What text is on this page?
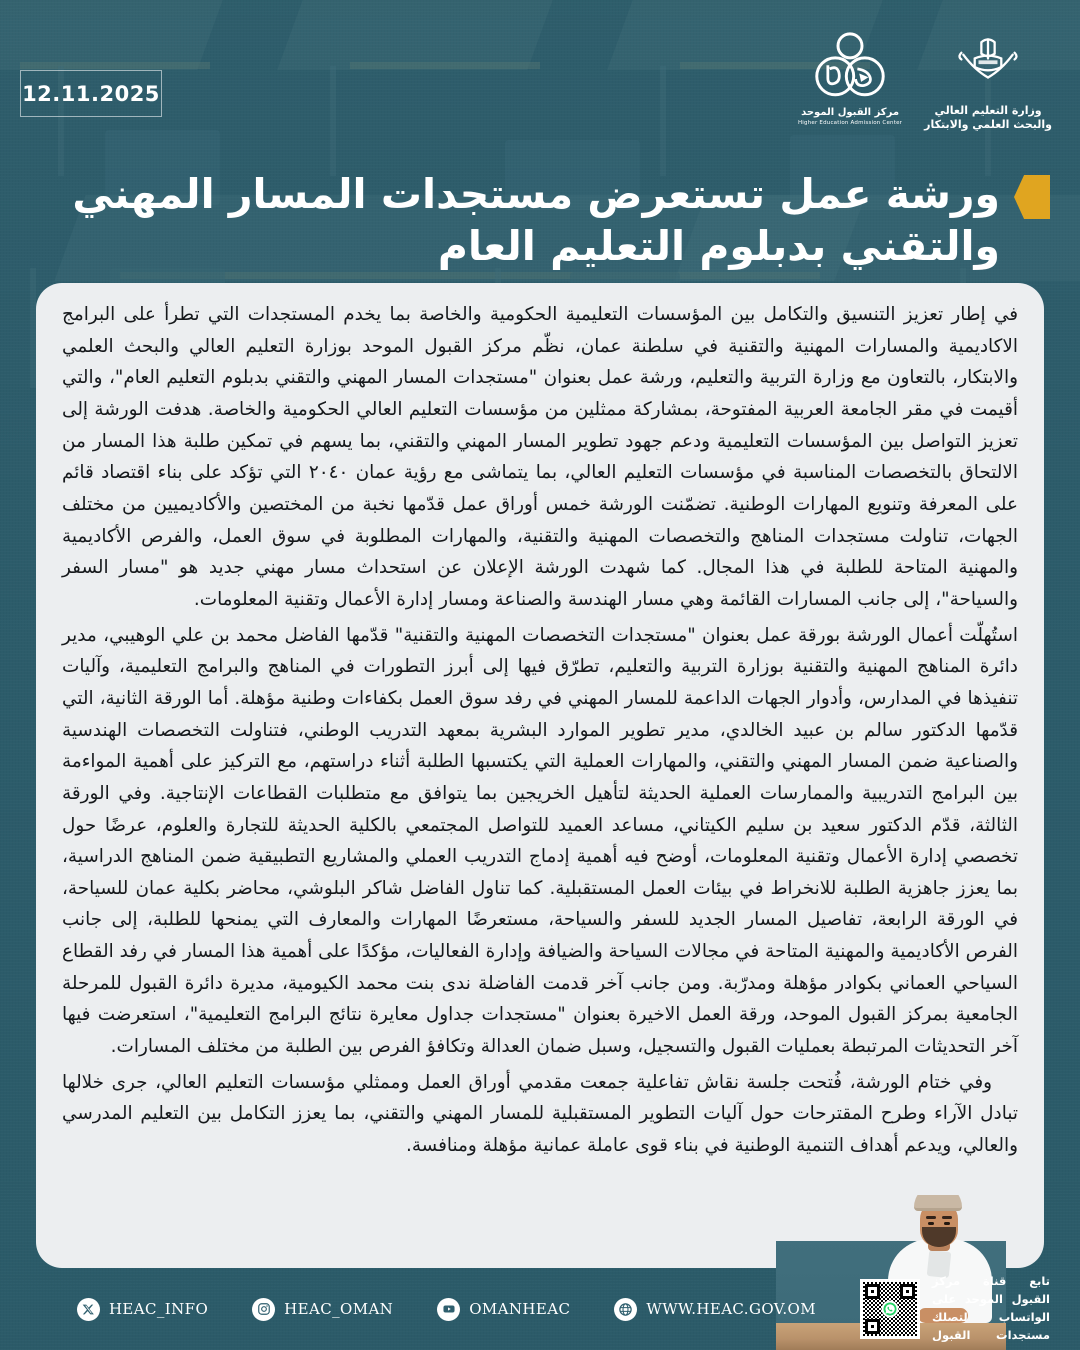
12.11.2025
مركز القبول الموحد
Higher Education Admission Center
وزارة التعليم العالي
والبحث العلمي والابتكار
ورشة عمل تستعرض مستجدات المسار المهني والتقني بدبلوم التعليم العام

في إطار تعزيز التنسيق والتكامل بين المؤسسات التعليمية الحكومية والخاصة بما يخدم المستجدات التي تطرأ على البرامج الاكاديمية والمسارات المهنية والتقنية في سلطنة عمان، نظّم مركز القبول الموحد بوزارة التعليم العالي والبحث العلمي والابتكار، بالتعاون مع وزارة التربية والتعليم، ورشة عمل بعنوان "مستجدات المسار المهني والتقني بدبلوم التعليم العام"، والتي أقيمت في مقر الجامعة العربية المفتوحة، بمشاركة ممثلين من مؤسسات التعليم العالي الحكومية والخاصة. هدفت الورشة إلى تعزيز التواصل بين المؤسسات التعليمية ودعم جهود تطوير المسار المهني والتقني، بما يسهم في تمكين طلبة هذا المسار من الالتحاق بالتخصصات المناسبة في مؤسسات التعليم العالي، بما يتماشى مع رؤية عمان ٢٠٤٠ التي تؤكد على بناء اقتصاد قائم على المعرفة وتنويع المهارات الوطنية. تضمّنت الورشة خمس أوراق عمل قدّمها نخبة من المختصين والأكاديميين من مختلف الجهات، تناولت مستجدات المناهج والتخصصات المهنية والتقنية، والمهارات المطلوبة في سوق العمل، والفرص الأكاديمية والمهنية المتاحة للطلبة في هذا المجال. كما شهدت الورشة الإعلان عن استحداث مسار مهني جديد هو "مسار السفر والسياحة"، إلى جانب المسارات القائمة وهي مسار الهندسة والصناعة ومسار إدارة الأعمال وتقنية المعلومات.

استُهلّت أعمال الورشة بورقة عمل بعنوان "مستجدات التخصصات المهنية والتقنية" قدّمها الفاضل محمد بن علي الوهيبي، مدير دائرة المناهج المهنية والتقنية بوزارة التربية والتعليم، تطرّق فيها إلى أبرز التطورات في المناهج والبرامج التعليمية، وآليات تنفيذها في المدارس، وأدوار الجهات الداعمة للمسار المهني في رفد سوق العمل بكفاءات وطنية مؤهلة. أما الورقة الثانية، التي قدّمها الدكتور سالم بن عبيد الخالدي، مدير تطوير الموارد البشرية بمعهد التدريب الوطني، فتناولت التخصصات الهندسية والصناعية ضمن المسار المهني والتقني، والمهارات العملية التي يكتسبها الطلبة أثناء دراستهم، مع التركيز على أهمية المواءمة بين البرامج التدريبية والممارسات العملية الحديثة لتأهيل الخريجين بما يتوافق مع متطلبات القطاعات الإنتاجية. وفي الورقة الثالثة، قدّم الدكتور سعيد بن سليم الكيتاني، مساعد العميد للتواصل المجتمعي بالكلية الحديثة للتجارة والعلوم، عرضًا حول تخصصي إدارة الأعمال وتقنية المعلومات، أوضح فيه أهمية إدماج التدريب العملي والمشاريع التطبيقية ضمن المناهج الدراسية، بما يعزز جاهزية الطلبة للانخراط في بيئات العمل المستقبلية. كما تناول الفاضل شاكر البلوشي، محاضر بكلية عمان للسياحة، في الورقة الرابعة، تفاصيل المسار الجديد للسفر والسياحة، مستعرضًا المهارات والمعارف التي يمنحها للطلبة، إلى جانب الفرص الأكاديمية والمهنية المتاحة في مجالات السياحة والضيافة وإدارة الفعاليات، مؤكدًا على أهمية هذا المسار في رفد القطاع السياحي العماني بكوادر مؤهلة ومدرّبة. ومن جانب آخر قدمت الفاضلة ندى بنت محمد الكيومية، مديرة دائرة القبول للمرحلة الجامعية بمركز القبول الموحد، ورقة العمل الاخيرة بعنوان "مستجدات جداول معايرة نتائج البرامج التعليمية"، استعرضت فيها آخر التحديثات المرتبطة بعمليات القبول والتسجيل، وسبل ضمان العدالة وتكافؤ الفرص بين الطلبة من مختلف المسارات.

وفي ختام الورشة، فُتحت جلسة نقاش تفاعلية جمعت مقدمي أوراق العمل وممثلي مؤسسات التعليم العالي، جرى خلالها تبادل الآراء وطرح المقترحات حول آليات التطوير المستقبلية للمسار المهني والتقني، بما يعزز التكامل بين التعليم المدرسي والعالي، ويدعم أهداف التنمية الوطنية في بناء قوى عاملة عمانية مؤهلة ومنافسة.

تابع قناة مركز القبول الموحد على الواتساب لتصلك مستجدات القبول
HEAC_INFO	HEAC_OMAN	OMANHEAC	WWW.HEAC.GOV.OM
